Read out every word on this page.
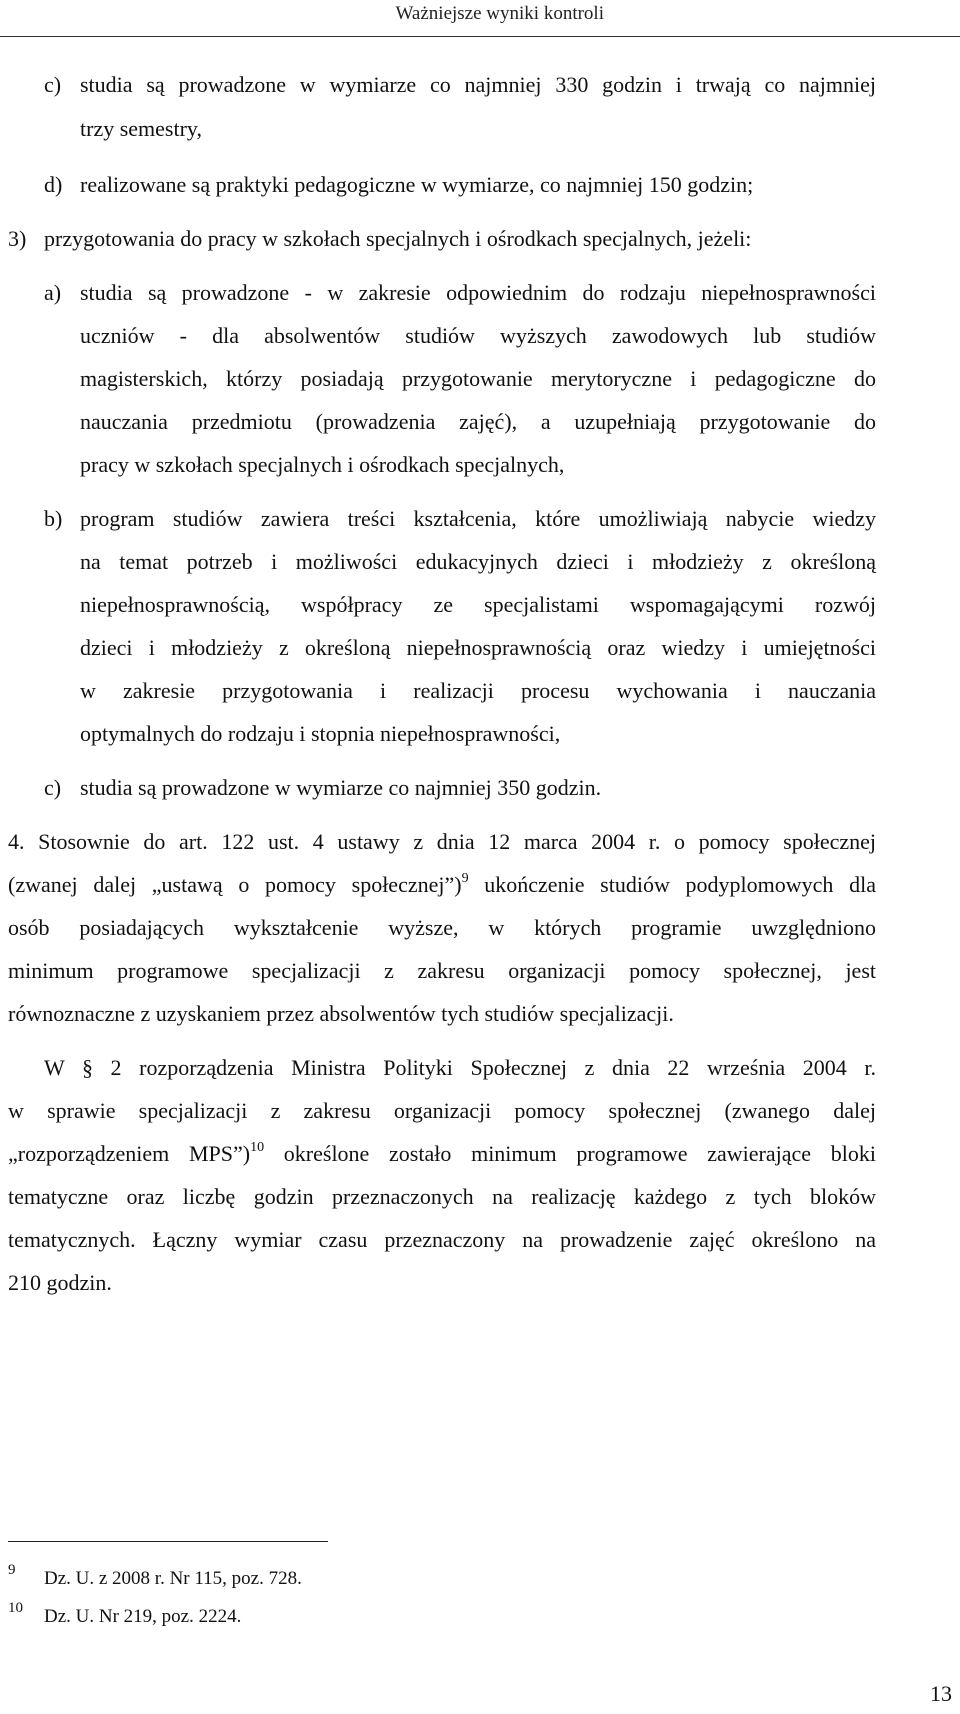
Ważniejsze wyniki kontroli
c) studia są prowadzone w wymiarze co najmniej 330 godzin i trwają co najmniej
trzy semestry,
d) realizowane są praktyki pedagogiczne w wymiarze, co najmniej 150 godzin;
3) przygotowania do pracy w szkołach specjalnych i ośrodkach specjalnych, jeżeli:
a) studia są prowadzone - w zakresie odpowiednim do rodzaju niepełnosprawności
uczniów - dla absolwentów studiów wyższych zawodowych lub studiów
magisterskich, którzy posiadają przygotowanie merytoryczne i pedagogiczne do
nauczania przedmiotu (prowadzenia zajęć), a uzupełniają przygotowanie do
pracy w szkołach specjalnych i ośrodkach specjalnych,
b) program studiów zawiera treści kształcenia, które umożliwiają nabycie wiedzy
na temat potrzeb i możliwości edukacyjnych dzieci i młodzieży z określoną
niepełnosprawnością, współpracy ze specjalistami wspomagającymi rozwój
dzieci i młodzieży z określoną niepełnosprawnością oraz wiedzy i umiejętności
w zakresie przygotowania i realizacji procesu wychowania i nauczania
optymalnych do rodzaju i stopnia niepełnosprawności,
c) studia są prowadzone w wymiarze co najmniej 350 godzin.
4. Stosownie do art. 122 ust. 4 ustawy z dnia 12 marca 2004 r. o pomocy społecznej
(zwanej dalej „ustawą o pomocy społecznej”)$^9$ ukończenie studiów podyplomowych dla
osób posiadających wykształcenie wyższe, w których programie uwzględniono
minimum programowe specjalizacji z zakresu organizacji pomocy społecznej, jest
równoznaczne z uzyskaniem przez absolwentów tych studiów specjalizacji.
W § 2 rozporządzenia Ministra Polityki Społecznej z dnia 22 września 2004 r.
w sprawie specjalizacji z zakresu organizacji pomocy społecznej (zwanego dalej
„rozporządzeniem MPS”)$^{10}$ określone zostało minimum programowe zawierające bloki
tematyczne oraz liczbę godzin przeznaczonych na realizację każdego z tych bloków
tematycznych. Łączny wymiar czasu przeznaczony na prowadzenie zajęć określono na
210 godzin.
9 Dz. U. z 2008 r. Nr 115, poz. 728.
10 Dz. U. Nr 219, poz. 2224.
13
